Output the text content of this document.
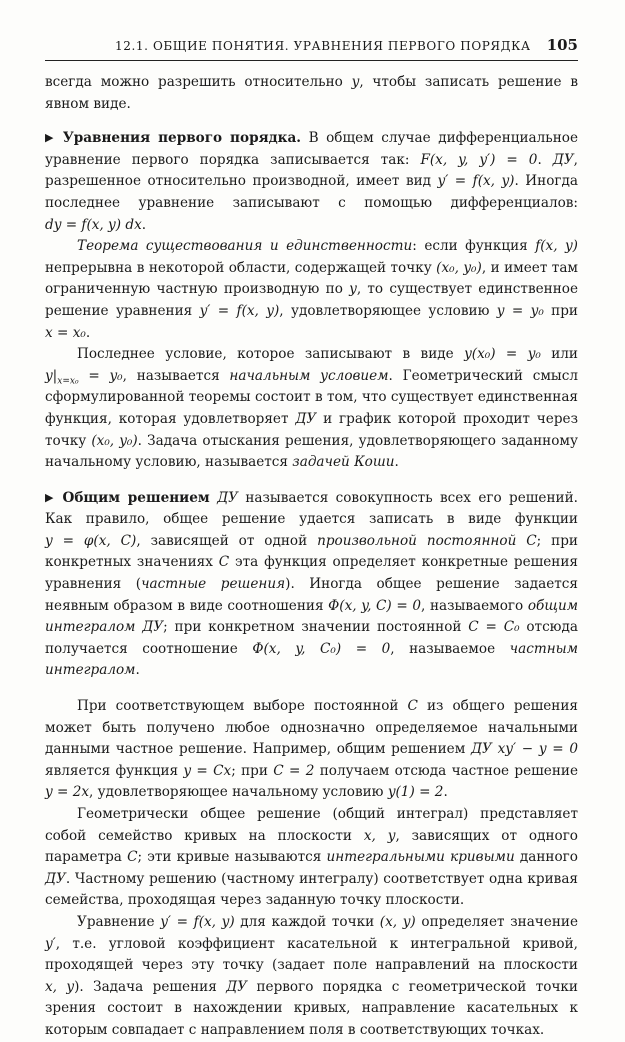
12.1. ОБЩИЕ ПОНЯТИЯ. УРАВНЕНИЯ ПЕРВОГО ПОРЯДКА 105

всегда можно разрешить относительно y, чтобы записать решение в явном виде.

▶ Уравнения первого порядка. В общем случае дифференциальное уравнение первого порядка записывается так: F(x, y, y′) = 0. ДУ, разрешенное относительно производной, имеет вид y′ = f(x, y). Иногда последнее уравнение записывают с помощью дифференциалов: dy = f(x, y) dx.

Теорема существования и единственности: если функция f(x, y) непрерывна в некоторой области, содержащей точку (x₀, y₀), и имеет там ограниченную частную производную по y, то существует единственное решение уравнения y′ = f(x, y), удовлетворяющее условию y = y₀ при x = x₀.

Последнее условие, которое записывают в виде y(x₀) = y₀ или $y|_{x=x_0} = y_0$, называется начальным условием. Геометрический смысл сформулированной теоремы состоит в том, что существует единственная функция, которая удовлетворяет ДУ и график которой проходит через точку (x₀, y₀). Задача отыскания решения, удовлетворяющего заданному начальному условию, называется задачей Коши.

▶ Общим решением ДУ называется совокупность всех его решений. Как правило, общее решение удается записать в виде функции y = φ(x, C), зависящей от одной произвольной постоянной C; при конкретных значениях C эта функция определяет конкретные решения уравнения (частные решения). Иногда общее решение задается неявным образом в виде соотношения Φ(x, y, C) = 0, называемого общим интегралом ДУ; при конкретном значении постоянной C = C₀ отсюда получается соотношение Φ(x, y, C₀) = 0, называемое частным интегралом.

При соответствующем выборе постоянной C из общего решения может быть получено любое однозначно определяемое начальными данными частное решение. Например, общим решением ДУ xy′ − y = 0 является функция y = Cx; при C = 2 получаем отсюда частное решение y = 2x, удовлетворяющее начальному условию y(1) = 2.

Геометрически общее решение (общий интеграл) представляет собой семейство кривых на плоскости x, y, зависящих от одного параметра C; эти кривые называются интегральными кривыми данного ДУ. Частному решению (частному интегралу) соответствует одна кривая семейства, проходящая через заданную точку плоскости.

Уравнение y′ = f(x, y) для каждой точки (x, y) определяет значение y′, т.е. угловой коэффициент касательной к интегральной кривой, проходящей через эту точку (задает поле направлений на плоскости x, y). Задача решения ДУ первого порядка с геометрической точки зрения состоит в нахождении кривых, направление касательных к которым совпадает с направлением поля в соответствующих точках.
